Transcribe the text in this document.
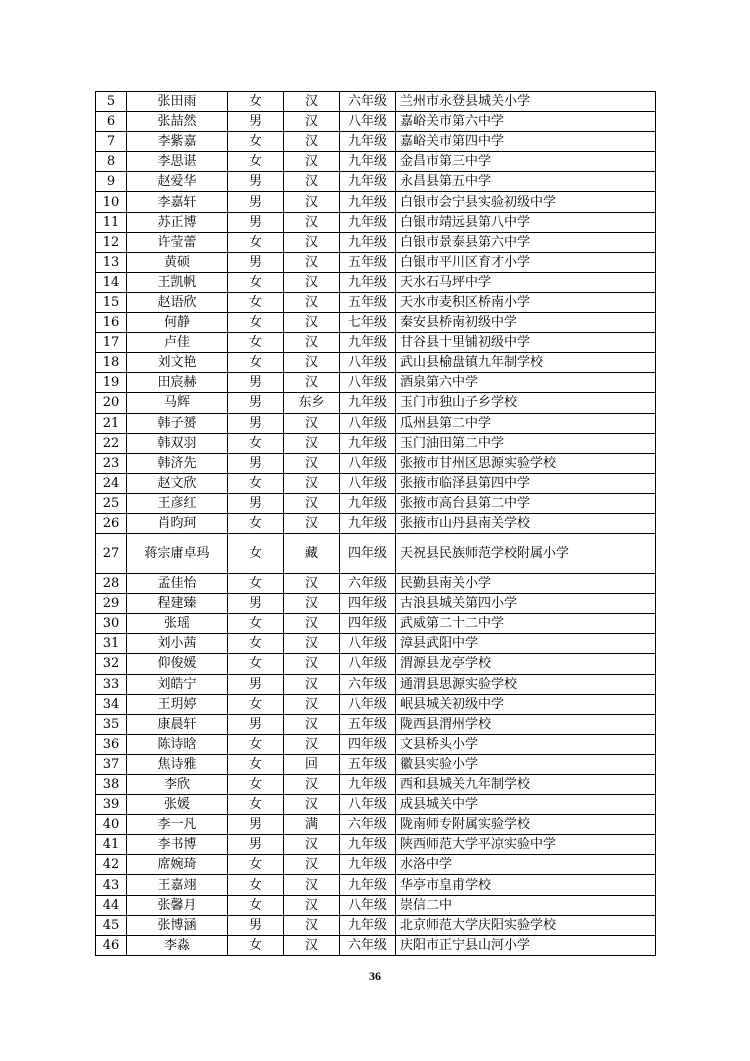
5	张田雨	女	汉	六年级	兰州市永登县城关小学
6	张喆然	男	汉	八年级	嘉峪关市第六中学
7	李紫嘉	女	汉	九年级	嘉峪关市第四中学
8	李思谌	女	汉	九年级	金昌市第三中学
9	赵爱华	男	汉	九年级	永昌县第五中学
10	李嘉轩	男	汉	九年级	白银市会宁县实验初级中学
11	苏正博	男	汉	九年级	白银市靖远县第八中学
12	许莹蕾	女	汉	九年级	白银市景泰县第六中学
13	黄硕	男	汉	五年级	白银市平川区育才小学
14	王凯帆	女	汉	九年级	天水石马坪中学
15	赵语欣	女	汉	五年级	天水市麦积区桥南小学
16	何静	女	汉	七年级	秦安县桥南初级中学
17	卢佳	女	汉	九年级	甘谷县十里铺初级中学
18	刘文艳	女	汉	八年级	武山县榆盘镇九年制学校
19	田宸赫	男	汉	八年级	酒泉第六中学
20	马辉	男	东乡	九年级	玉门市独山子乡学校
21	韩子赟	男	汉	八年级	瓜州县第二中学
22	韩双羽	女	汉	九年级	玉门油田第二中学
23	韩济先	男	汉	八年级	张掖市甘州区思源实验学校
24	赵文欣	女	汉	八年级	张掖市临泽县第四中学
25	王彦红	男	汉	九年级	张掖市高台县第二中学
26	肖昀珂	女	汉	九年级	张掖市山丹县南关学校
27	蒋宗庸卓玛	女	藏	四年级	天祝县民族师范学校附属小学
28	孟佳怡	女	汉	六年级	民勤县南关小学
29	程建臻	男	汉	四年级	古浪县城关第四小学
30	张瑶	女	汉	四年级	武威第二十二中学
31	刘小茜	女	汉	八年级	漳县武阳中学
32	仰俊媛	女	汉	八年级	渭源县龙亭学校
33	刘皓宁	男	汉	六年级	通渭县思源实验学校
34	王玥婷	女	汉	八年级	岷县城关初级中学
35	康晨轩	男	汉	五年级	陇西县渭州学校
36	陈诗晗	女	汉	四年级	文县桥头小学
37	焦诗雅	女	回	五年级	徽县实验小学
38	李欣	女	汉	九年级	西和县城关九年制学校
39	张媛	女	汉	八年级	成县城关中学
40	李一凡	男	满	六年级	陇南师专附属实验学校
41	李书博	男	汉	九年级	陕西师范大学平凉实验中学
42	席婉琦	女	汉	九年级	水洛中学
43	王嘉翊	女	汉	九年级	华亭市皇甫学校
44	张馨月	女	汉	八年级	崇信二中
45	张博涵	男	汉	九年级	北京师范大学庆阳实验学校
46	李淼	女	汉	六年级	庆阳市正宁县山河小学
36
